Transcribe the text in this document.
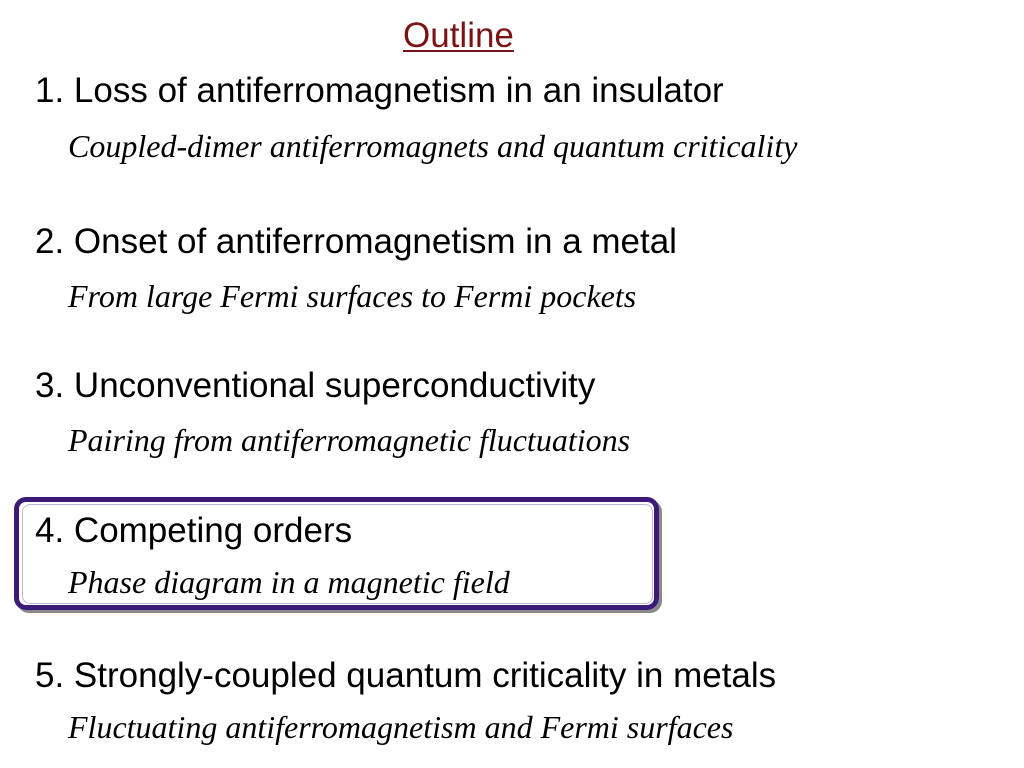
Outline
1. Loss of antiferromagnetism in an insulator
Coupled-dimer antiferromagnets and quantum criticality
2. Onset of antiferromagnetism in a metal
From large Fermi surfaces to Fermi pockets
3. Unconventional superconductivity
Pairing from antiferromagnetic fluctuations
4. Competing orders
Phase diagram in a magnetic field
5. Strongly-coupled quantum criticality in metals
Fluctuating antiferromagnetism and Fermi surfaces
